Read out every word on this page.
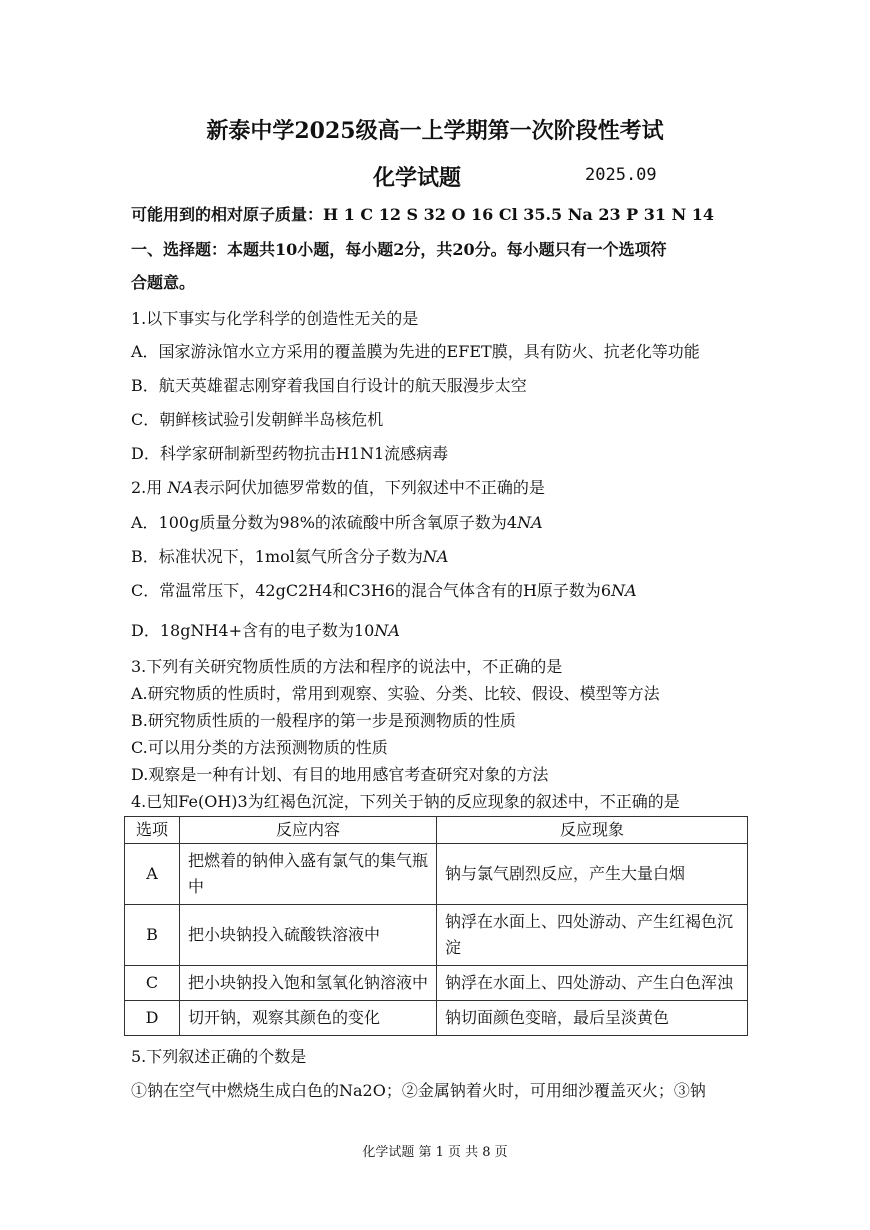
新泰中学2025级高一上学期第一次阶段性考试
化学试题	2025.09
可能用到的相对原子质量：H 1 C 12 S 32 O 16 Cl 35.5 Na 23 P 31 N 14
一、选择题：本题共10小题，每小题2分，共20分。每小题只有一个选项符
合题意。
1.以下事实与化学科学的创造性无关的是
A．国家游泳馆水立方采用的覆盖膜为先进的EFET膜，具有防火、抗老化等功能
B．航天英雄翟志刚穿着我国自行设计的航天服漫步太空
C．朝鲜核试验引发朝鲜半岛核危机
D．科学家研制新型药物抗击H1N1流感病毒
2.用 NA表示阿伏加德罗常数的值，下列叙述中不正确的是
A．100g质量分数为98%的浓硫酸中所含氧原子数为4NA
B．标准状况下，1mol氦气所含分子数为NA
C．常温常压下，42gC2H4和C3H6的混合气体含有的H原子数为6NA
D．18gNH4+含有的电子数为10NA
3.下列有关研究物质性质的方法和程序的说法中，不正确的是
A.研究物质的性质时，常用到观察、实验、分类、比较、假设、模型等方法
B.研究物质性质的一般程序的第一步是预测物质的性质
C.可以用分类的方法预测物质的性质
D.观察是一种有计划、有目的地用感官考查研究对象的方法
4.已知Fe(OH)3为红褐色沉淀，下列关于钠的反应现象的叙述中，不正确的是
选项	反应内容	反应现象
A	把燃着的钠伸入盛有氯气的集气瓶中	钠与氯气剧烈反应，产生大量白烟
B	把小块钠投入硫酸铁溶液中	钠浮在水面上、四处游动、产生红褐色沉淀
C	把小块钠投入饱和氢氧化钠溶液中	钠浮在水面上、四处游动、产生白色浑浊
D	切开钠，观察其颜色的变化	钠切面颜色变暗，最后呈淡黄色
5.下列叙述正确的个数是
①钠在空气中燃烧生成白色的Na2O；②金属钠着火时，可用细沙覆盖灭火；③钠
化学试题 第 1 页 共 8 页
